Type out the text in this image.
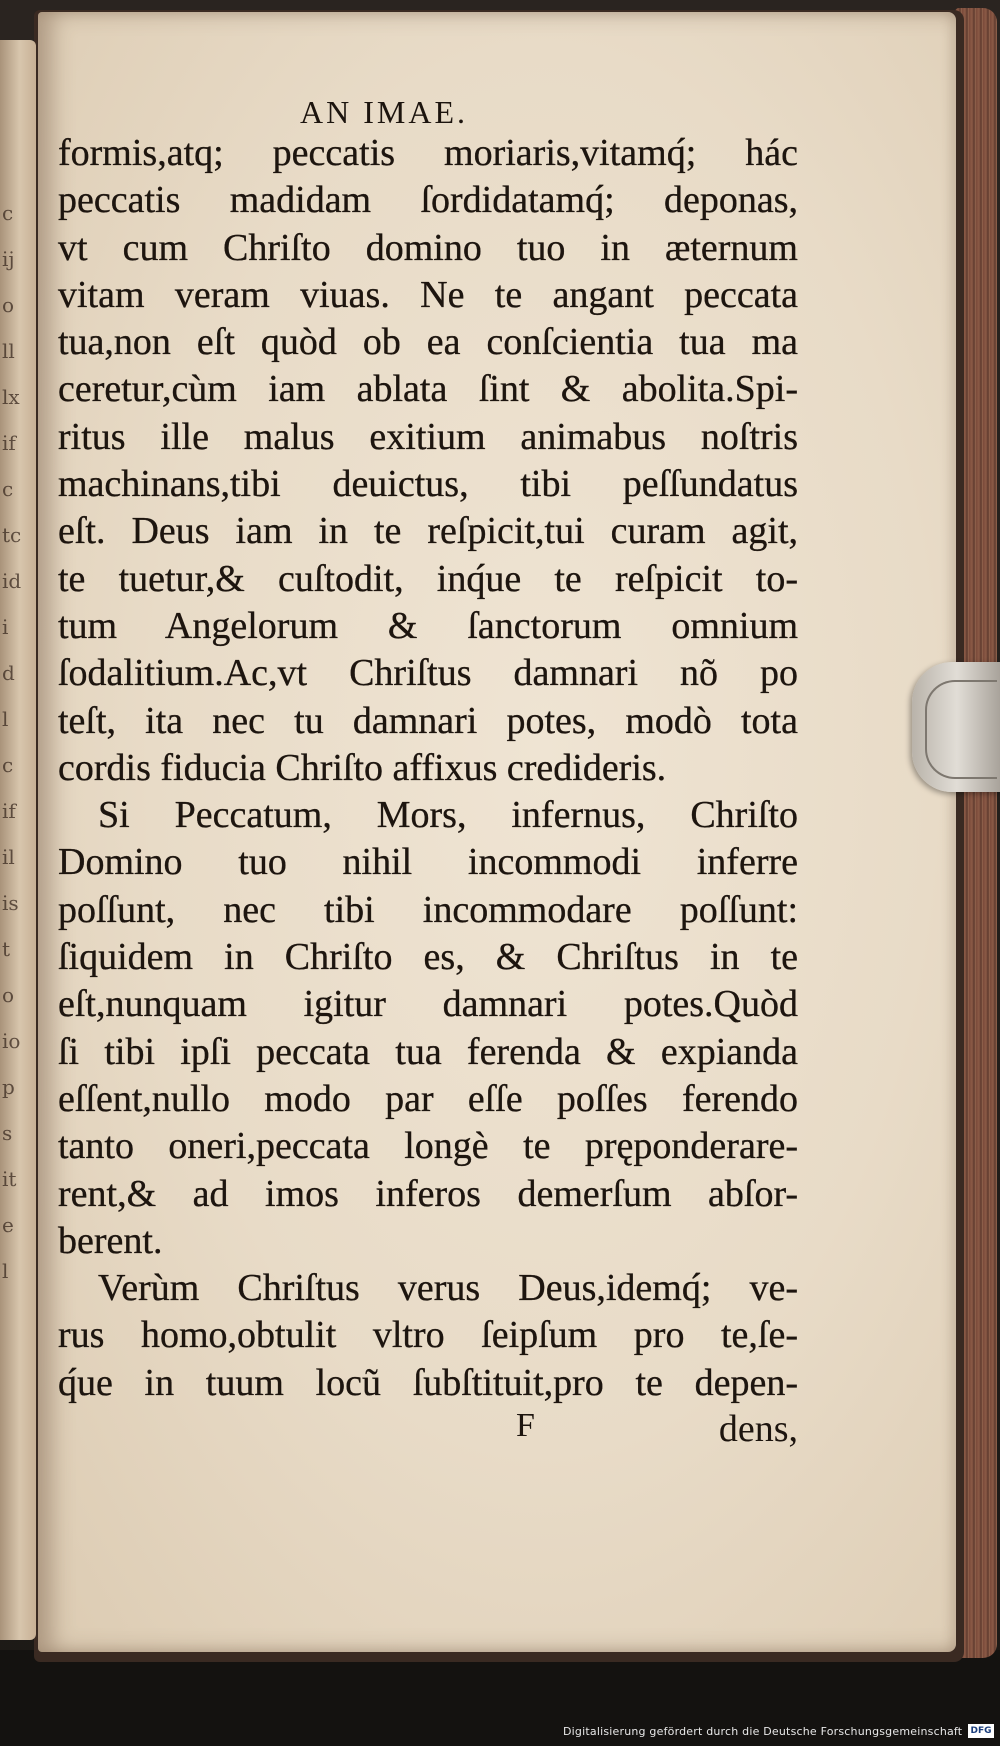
c
ij
o
ll
lx
if
c
tc
id
i
d
l
c
if
il
is
t
o
io
p
s
it
e
l
AN IMAE.
formis,atq; peccatis moriaris,vitamq́; hác
peccatis madidam ſordidatamq́; deponas,
vt cum Chriſto domino tuo in æternum
vitam veram viuas. Ne te angant peccata
tua,non eſt quòd ob ea conſcientia tua ma
ceretur,cùm iam ablata ſint & abolita.Spi-
ritus ille malus exitium animabus noſtris
machinans,tibi deuictus, tibi peſſundatus
eſt. Deus iam in te reſpicit,tui curam agit,
te tuetur,& cuſtodit, inq́ue te reſpicit to-
tum Angelorum & ſanctorum omnium
ſodalitium.Ac,vt Chriſtus damnari nõ po
teſt, ita nec tu damnari potes, modò tota
cordis fiducia Chriſto affixus credideris.
Si Peccatum, Mors, infernus, Chriſto
Domino tuo nihil incommodi inferre
poſſunt, nec tibi incommodare poſſunt:
ſiquidem in Chriſto es, & Chriſtus in te
eſt,nunquam igitur damnari potes.Quòd
ſi tibi ipſi peccata tua ferenda & expianda
eſſent,nullo modo par eſſe poſſes ferendo
tanto oneri,peccata longè te pręponderare-
rent,& ad imos inferos demerſum abſor-
berent.
Verùm Chriſtus verus Deus,idemq́; ve-
rus homo,obtulit vltro ſeipſum pro te,ſe-
q́ue in tuum locũ ſubſtituit,pro te depen-
F	dens,
Digitalisierung gefördert durch die Deutsche Forschungsgemeinschaft DFG
